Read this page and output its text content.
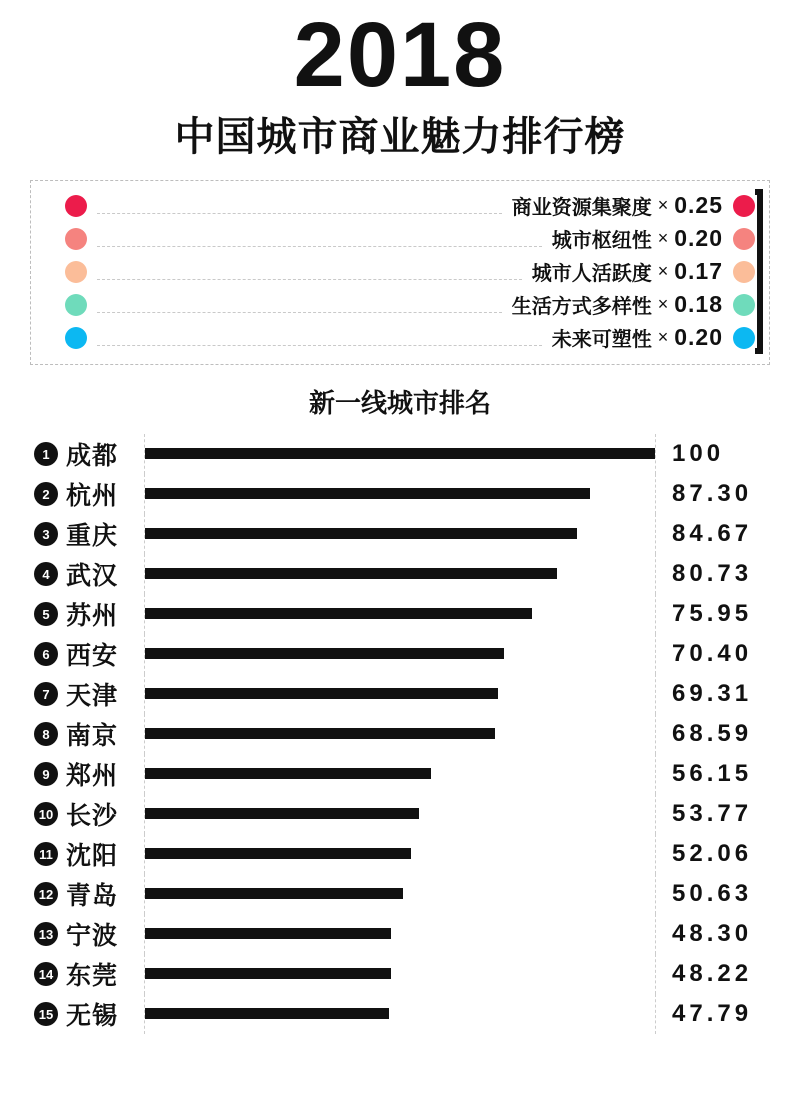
2018
中国城市商业魅力排行榜
商业资源集聚度 × 0.25
城市枢纽性 × 0.20
城市人活跃度 × 0.17
生活方式多样性 × 0.18
未来可塑性 × 0.20
新一线城市排名
1 成都	100
2 杭州	87.30
3 重庆	84.67
4 武汉	80.73
5 苏州	75.95
6 西安	70.40
7 天津	69.31
8 南京	68.59
9 郑州	56.15
10 长沙	53.77
11 沈阳	52.06
12 青岛	50.63
13 宁波	48.30
14 东莞	48.22
15 无锡	47.79
